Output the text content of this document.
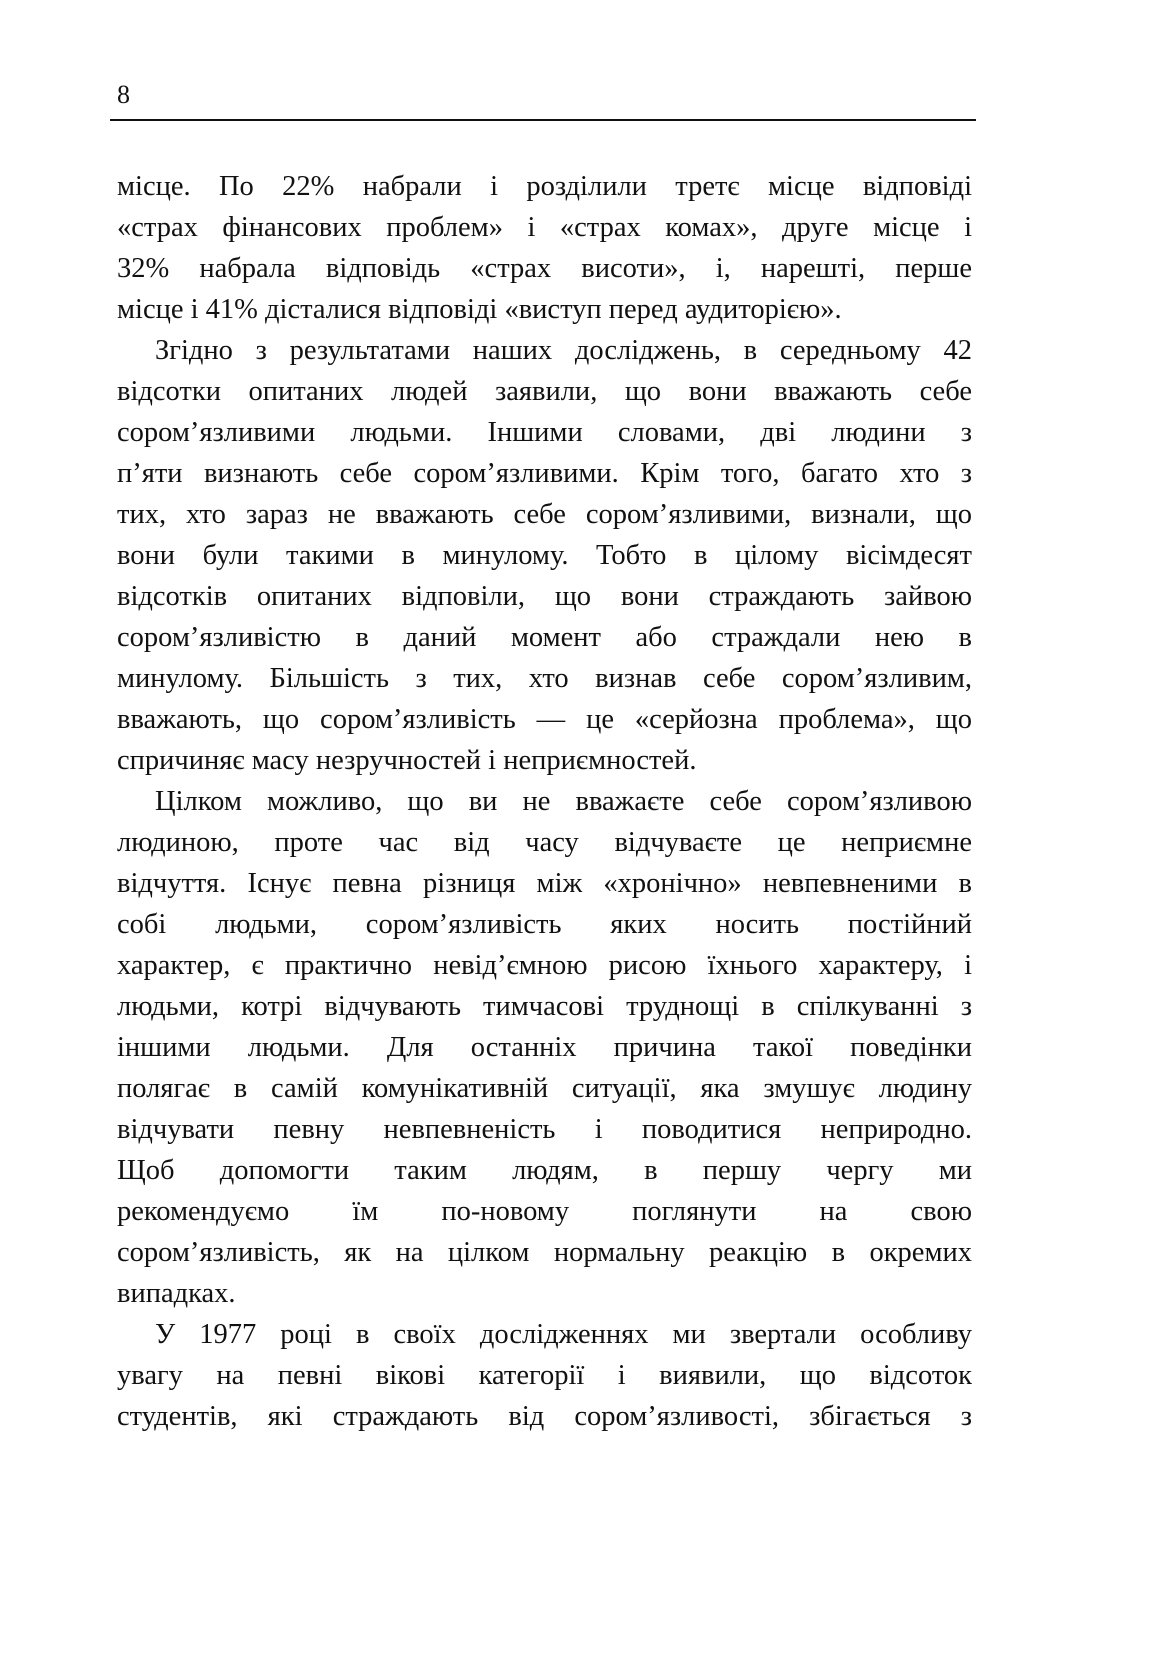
8
місце. По 22% набрали і розділили третє місце відповіді
«страх фінансових проблем» і «страх комах», друге місце і
32% набрала відповідь «страх висоти», і, нарешті, перше
місце і 41% дісталися відповіді «виступ перед аудиторією».
Згідно з результатами наших досліджень, в середньому 42
відсотки опитаних людей заявили, що вони вважають себе
сором’язливими людьми. Іншими словами, дві людини з
п’яти визнають себе сором’язливими. Крім того, багато хто з
тих, хто зараз не вважають себе сором’язливими, визнали, що
вони були такими в минулому. Тобто в цілому вісімдесят
відсотків опитаних відповіли, що вони страждають зайвою
сором’язливістю в даний момент або страждали нею в
минулому. Більшість з тих, хто визнав себе сором’язливим,
вважають, що сором’язливість — це «серйозна проблема», що
спричиняє масу незручностей і неприємностей.
Цілком можливо, що ви не вважаєте себе сором’язливою
людиною, проте час від часу відчуваєте це неприємне
відчуття. Існує певна різниця між «хронічно» невпевненими в
собі людьми, сором’язливість яких носить постійний
характер, є практично невід’ємною рисою їхнього характеру, і
людьми, котрі відчувають тимчасові труднощі в спілкуванні з
іншими людьми. Для останніх причина такої поведінки
полягає в самій комунікативній ситуації, яка змушує людину
відчувати певну невпевненість і поводитися неприродно.
Щоб допомогти таким людям, в першу чергу ми
рекомендуємо їм по-новому поглянути на свою
сором’язливість, як на цілком нормальну реакцію в окремих
випадках.
У 1977 році в своїх дослідженнях ми звертали особливу
увагу на певні вікові категорії і виявили, що відсоток
студентів, які страждають від сором’язливості, збігається з
